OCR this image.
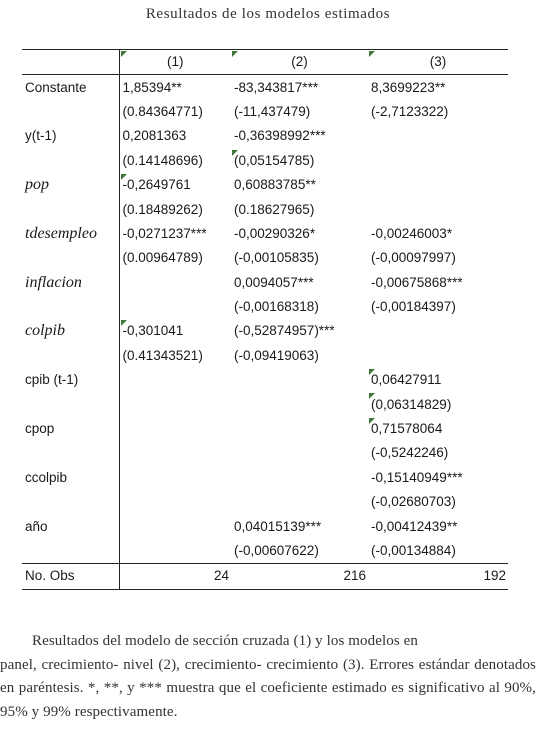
Resultados de los modelos estimados
	(1)	(2)	(3)
Constante	1,85394**	-83,343817***	8,3699223**
	(0.84364771)	(-11,437479)	(-2,7123322)
y(t-1)	0,2081363	-0,36398992***	
	(0.14148696)	(0,05154785)	
pop	-0,2649761	0,60883785**	
	(0.18489262)	(0.18627965)	
tdesempleo	-0,0271237***	-0,00290326*	-0,00246003*
	(0.00964789)	(-0,00105835)	(-0,00097997)
inflacion		0,0094057***	-0,00675868***
		(-0,00168318)	(-0,00184397)
colpib	-0,301041	(-0,52874957)***	
	(0.41343521)	(-0,09419063)	
cpib (t-1)			0,06427911
			(0,06314829)
cpop			0,71578064
			(-0,5242246)
ccolpib			-0,15140949***
			(-0,02680703)
año		0,04015139***	-0,00412439**
		(-0,00607622)	(-0,00134884)
No. Obs	24	216	192
Resultados del modelo de sección cruzada (1) y los modelos en
panel, crecimiento- nivel (2), crecimiento- crecimiento (3). Errores estándar denotados en paréntesis. *, **, y *** muestra que el coeficiente estimado es significativo al 90%, 95% y 99% respectivamente.
